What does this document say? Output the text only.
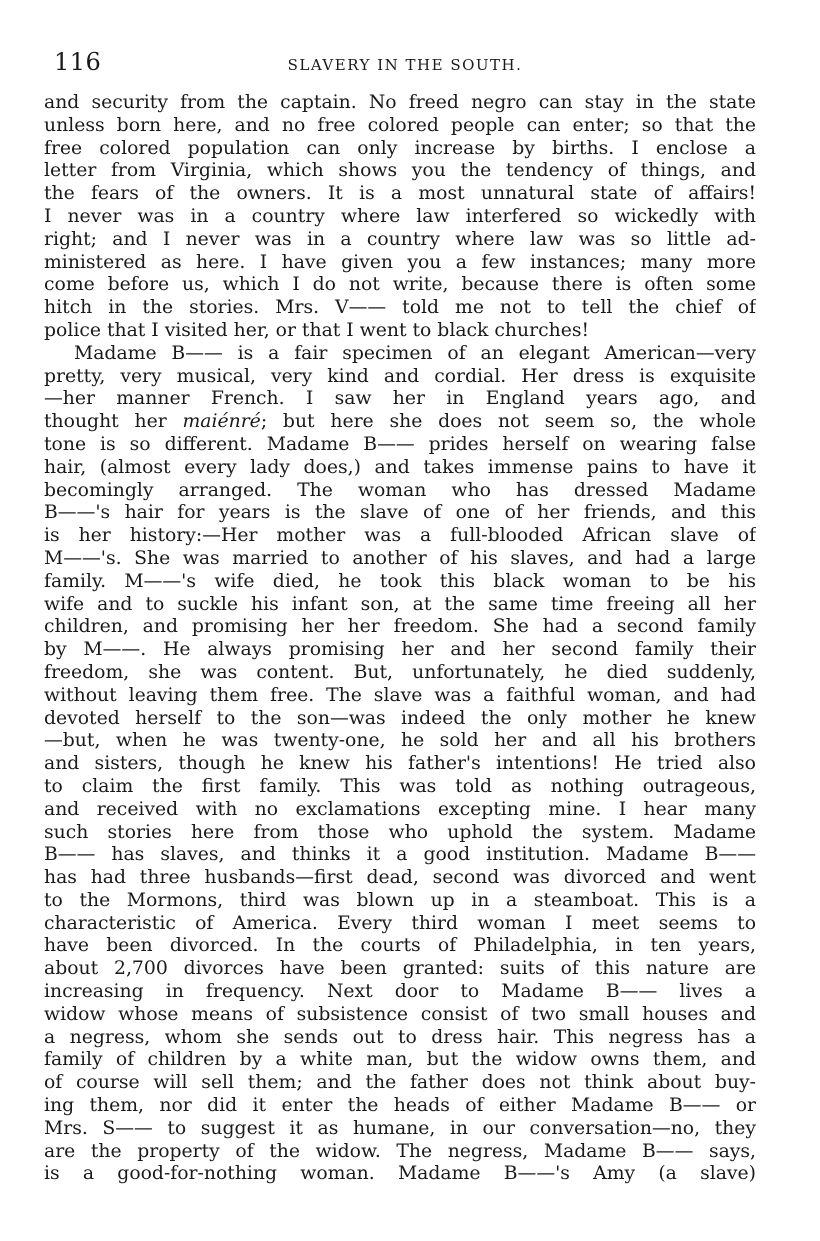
116	SLAVERY IN THE SOUTH.
and security from the captain. No freed negro can stay in the state
unless born here, and no free colored people can enter; so that the
free colored population can only increase by births. I enclose a
letter from Virginia, which shows you the tendency of things, and
the fears of the owners. It is a most unnatural state of affairs!
I never was in a country where law interfered so wickedly with
right; and I never was in a country where law was so little ad-
ministered as here. I have given you a few instances; many more
come before us, which I do not write, because there is often some
hitch in the stories. Mrs. V—— told me not to tell the chief of
police that I visited her, or that I went to black churches!
Madame B—— is a fair specimen of an elegant American—very
pretty, very musical, very kind and cordial. Her dress is exquisite
—her manner French. I saw her in England years ago, and
thought her maiénré; but here she does not seem so, the whole
tone is so different. Madame B—— prides herself on wearing false
hair, (almost every lady does,) and takes immense pains to have it
becomingly arranged. The woman who has dressed Madame
B——'s hair for years is the slave of one of her friends, and this
is her history:—Her mother was a full-blooded African slave of
M——'s. She was married to another of his slaves, and had a large
family. M——'s wife died, he took this black woman to be his
wife and to suckle his infant son, at the same time freeing all her
children, and promising her her freedom. She had a second family
by M——. He always promising her and her second family their
freedom, she was content. But, unfortunately, he died suddenly,
without leaving them free. The slave was a faithful woman, and had
devoted herself to the son—was indeed the only mother he knew
—but, when he was twenty-one, he sold her and all his brothers
and sisters, though he knew his father's intentions! He tried also
to claim the first family. This was told as nothing outrageous,
and received with no exclamations excepting mine. I hear many
such stories here from those who uphold the system. Madame
B—— has slaves, and thinks it a good institution. Madame B——
has had three husbands—first dead, second was divorced and went
to the Mormons, third was blown up in a steamboat. This is a
characteristic of America. Every third woman I meet seems to
have been divorced. In the courts of Philadelphia, in ten years,
about 2,700 divorces have been granted: suits of this nature are
increasing in frequency. Next door to Madame B—— lives a
widow whose means of subsistence consist of two small houses and
a negress, whom she sends out to dress hair. This negress has a
family of children by a white man, but the widow owns them, and
of course will sell them; and the father does not think about buy-
ing them, nor did it enter the heads of either Madame B—— or
Mrs. S—— to suggest it as humane, in our conversation—no, they
are the property of the widow. The negress, Madame B—— says,
is a good-for-nothing woman. Madame B——'s Amy (a slave)
